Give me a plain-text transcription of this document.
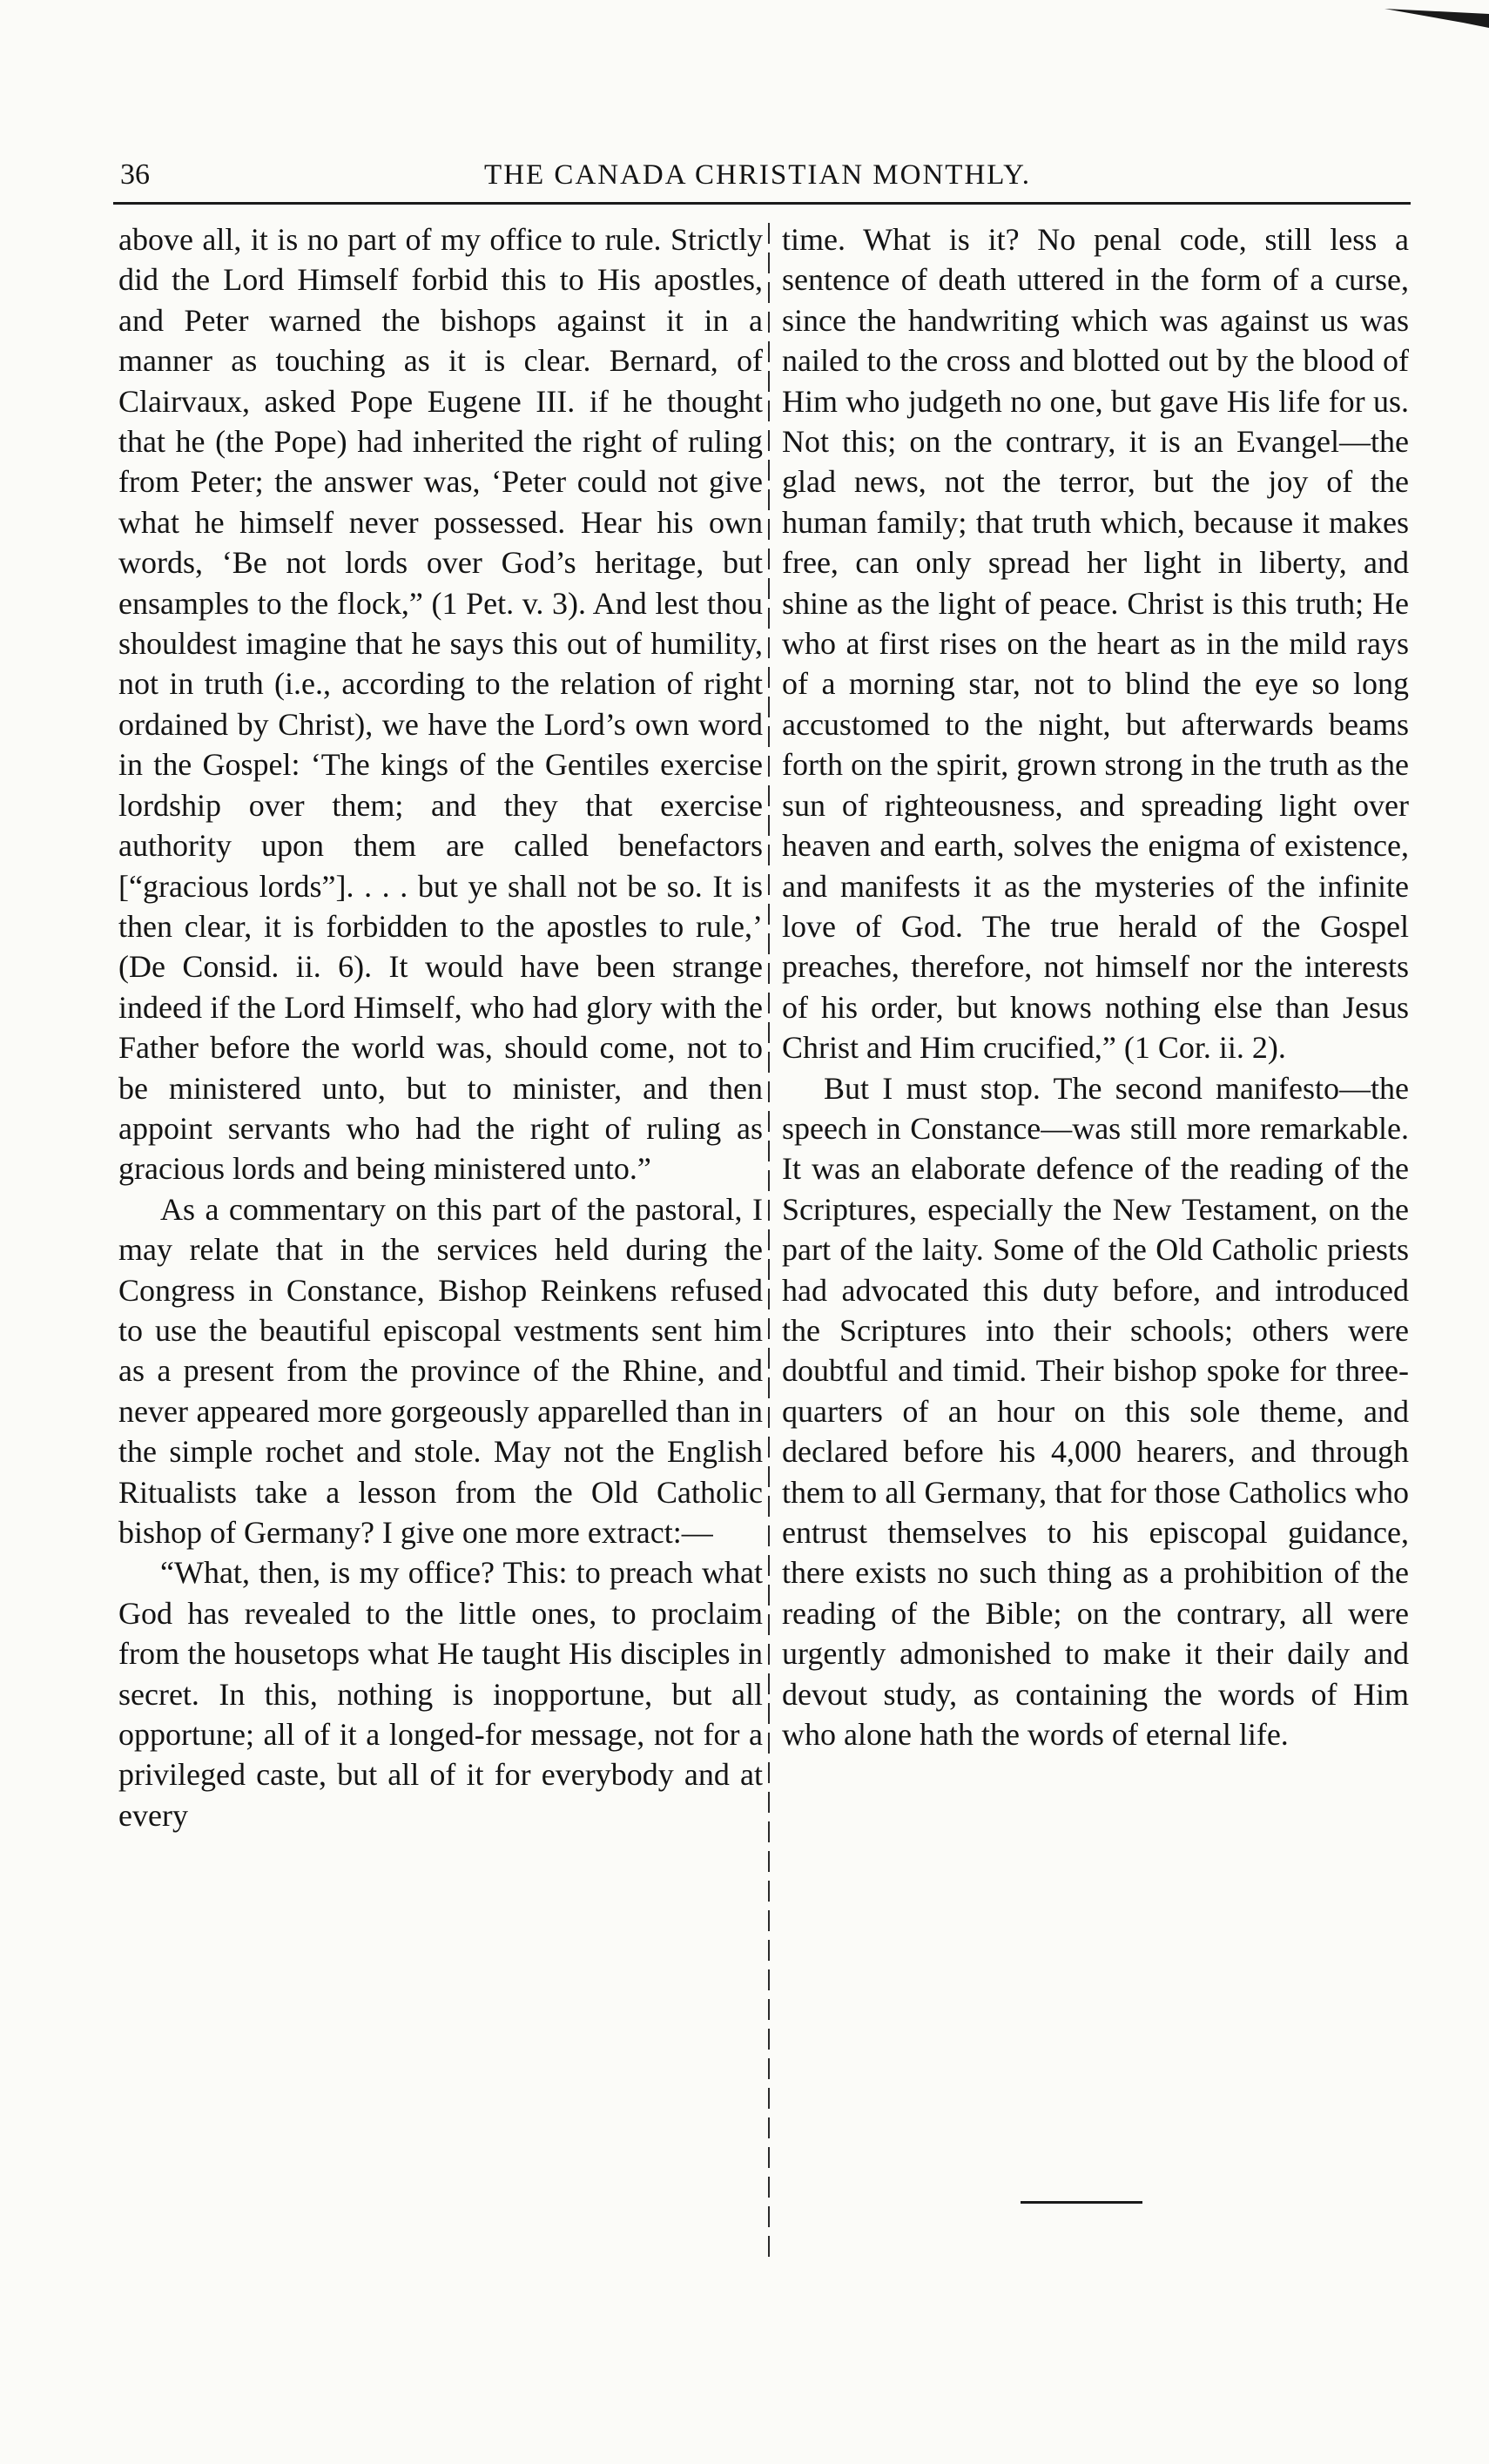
36	THE CANADA CHRISTIAN MONTHLY.

above all, it is no part of my office to rule. Strictly did the Lord Himself forbid this to His apostles, and Peter warned the bishops against it in a manner as touching as it is clear. Bernard, of Clairvaux, asked Pope Eugene III. if he thought that he (the Pope) had inherited the right of ruling from Peter; the answer was, ‘Peter could not give what he himself never possessed. Hear his own words, ‘Be not lords over God’s heritage, but ensamples to the flock,” (1 Pet. v. 3). And lest thou shouldest imagine that he says this out of humility, not in truth (i.e., according to the relation of right ordained by Christ), we have the Lord’s own word in the Gospel: ‘The kings of the Gentiles exercise lordship over them; and they that exercise authority upon them are called benefactors [“gracious lords”]. . . . but ye shall not be so. It is then clear, it is forbidden to the apostles to rule,’ (De Consid. ii. 6). It would have been strange indeed if the Lord Himself, who had glory with the Father before the world was, should come, not to be ministered unto, but to minister, and then appoint servants who had the right of ruling as gracious lords and being ministered unto.”

As a commentary on this part of the pastoral, I may relate that in the services held during the Congress in Constance, Bishop Reinkens refused to use the beautiful episcopal vestments sent him as a present from the province of the Rhine, and never appeared more gorgeously apparelled than in the simple rochet and stole. May not the English Ritualists take a lesson from the Old Catholic bishop of Germany? I give one more extract:—

“What, then, is my office? This: to preach what God has revealed to the little ones, to proclaim from the housetops what He taught His disciples in secret. In this, nothing is inopportune, but all opportune; all of it a longed-for message, not for a privileged caste, but all of it for everybody and at every

time. What is it? No penal code, still less a sentence of death uttered in the form of a curse, since the handwriting which was against us was nailed to the cross and blotted out by the blood of Him who judgeth no one, but gave His life for us. Not this; on the contrary, it is an Evangel—the glad news, not the terror, but the joy of the human family; that truth which, because it makes free, can only spread her light in liberty, and shine as the light of peace. Christ is this truth; He who at first rises on the heart as in the mild rays of a morning star, not to blind the eye so long accustomed to the night, but afterwards beams forth on the spirit, grown strong in the truth as the sun of righteousness, and spreading light over heaven and earth, solves the enigma of existence, and manifests it as the mysteries of the infinite love of God. The true herald of the Gospel preaches, therefore, not himself nor the interests of his order, but knows nothing else than Jesus Christ and Him crucified,” (1 Cor. ii. 2).

But I must stop. The second manifesto—the speech in Constance—was still more remarkable. It was an elaborate defence of the reading of the Scriptures, especially the New Testament, on the part of the laity. Some of the Old Catholic priests had advocated this duty before, and introduced the Scriptures into their schools; others were doubtful and timid. Their bishop spoke for three-quarters of an hour on this sole theme, and declared before his 4,000 hearers, and through them to all Germany, that for those Catholics who entrust themselves to his episcopal guidance, there exists no such thing as a prohibition of the reading of the Bible; on the contrary, all were urgently admonished to make it their daily and devout study, as containing the words of Him who alone hath the words of eternal life.
